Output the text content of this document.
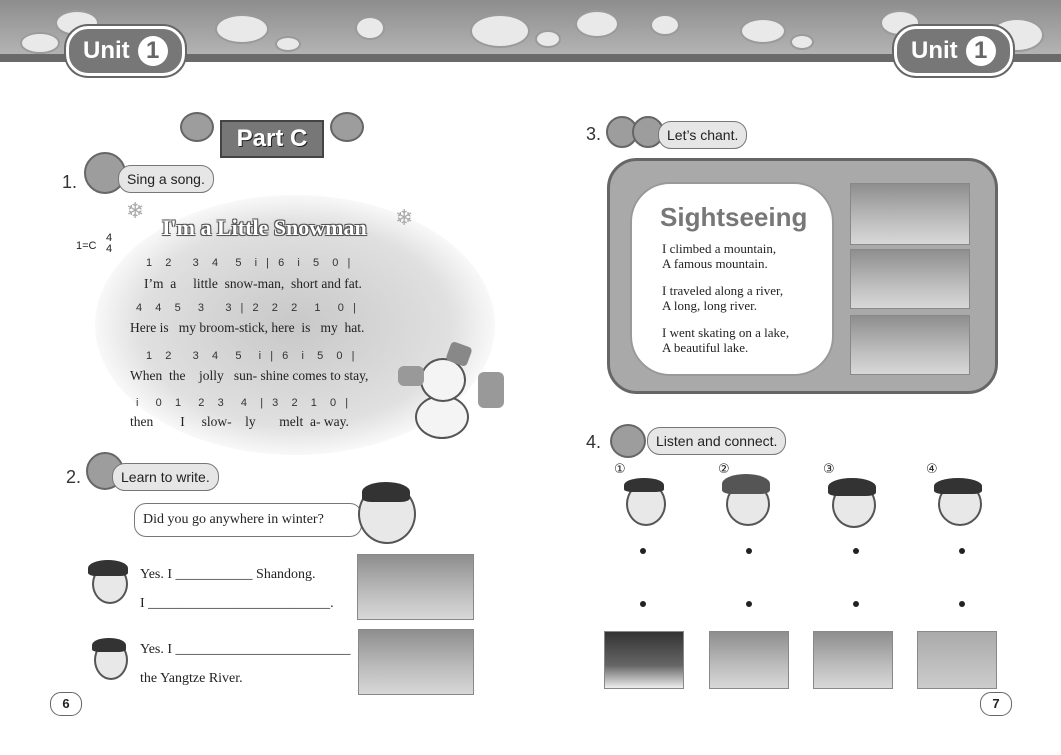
Unit 1	Unit 1
Part C
1.	Sing a song.
❄	❄
I'm a Little Snowman
1=C
4
4
1   2     3   4    5   i  |  6   i   5   0  |
I’m  a     little  snow-man,  short and fat.
4   4   5    3     3  |  2   2   2    1    0  |
Here is   my broom-stick, here  is   my  hat.
1   2     3   4    5    i  |  6   i   5   0  |
When  the    jolly   sun- shine comes to stay,
i    0   1    2   3    4   |  3   2   1   0  |
then        I     slow-    ly       melt  a- way.
2.	Learn to write.
Did you go anywhere in winter?
Yes. I ___________ Shandong.
I __________________________.
Yes. I _________________________
the Yangtze River.
6
3.	Let’s chant.
Sightseeing
I climbed a mountain,
A famous mountain.
I traveled along a river,
A long, long river.
I went skating on a lake,
A beautiful lake.
4.	Listen and connect.
①	②	③	④
7
